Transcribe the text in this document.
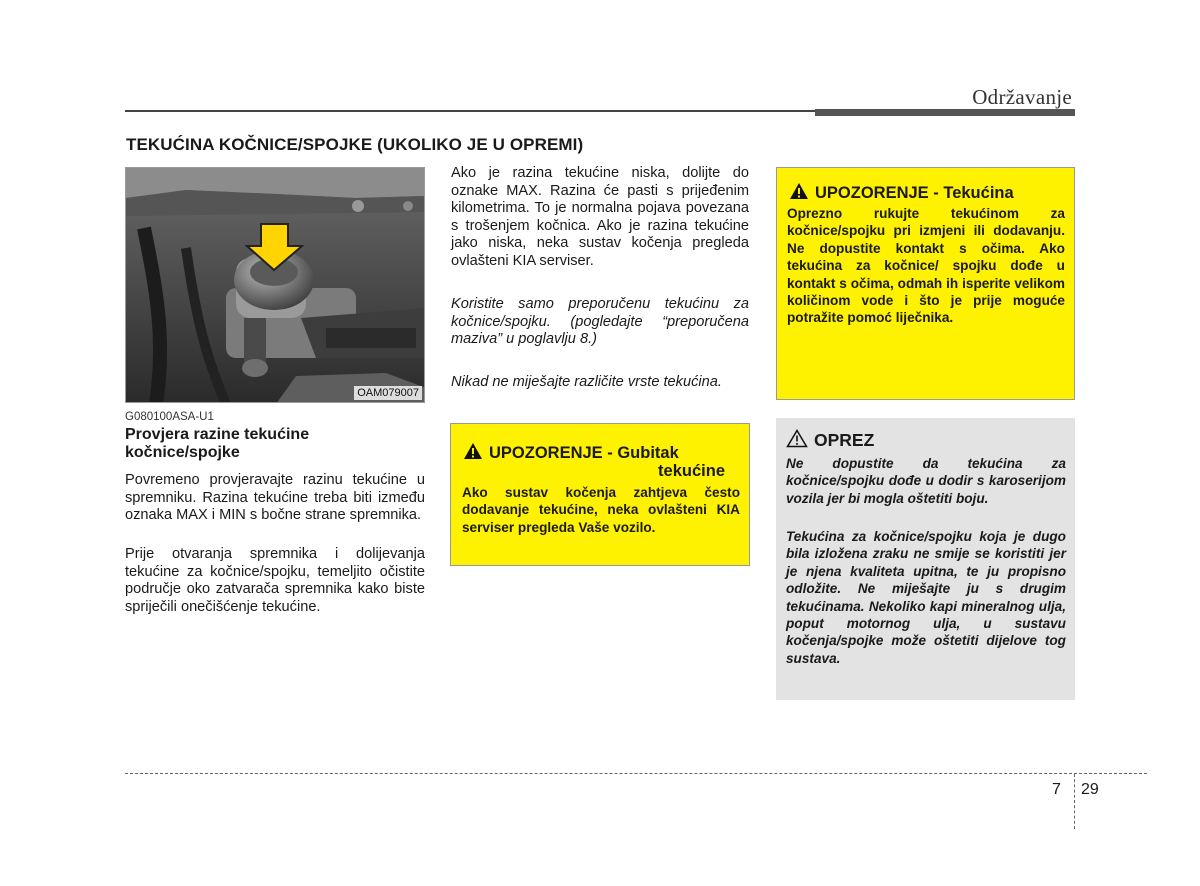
Održavanje
TEKUĆINA KOČNICE/SPOJKE (UKOLIKO JE U OPREMI)
OAM079007
G080100ASA-U1
Provjera razine tekućine kočnice/spojke
Povremeno provjeravajte razinu tekućine u spremniku. Razina tekućine treba biti između oznaka MAX i MIN s bočne strane spremnika.
Prije otvaranja spremnika i dolijevanja tekućine za kočnice/spojku, temeljito očistite područje oko zatvarača spremnika kako biste spriječili onečišćenje tekućine.
Ako je razina tekućine niska, dolijte do oznake MAX. Razina će pasti s prijeđenim kilometrima. To je normalna pojava povezana s trošenjem kočnica. Ako je razina tekućine jako niska, neka sustav kočenja pregleda ovlašteni KIA serviser.
Koristite samo preporučenu tekućinu za kočnice/spojku. (pogledajte “preporučena maziva” u poglavlju 8.)
Nikad ne miješajte različite vrste tekućina.
UPOZORENJE - Gubitak
tekućine
Ako sustav kočenja zahtjeva često dodavanje tekućine, neka ovlašteni KIA serviser pregleda Vaše vozilo.
UPOZORENJE - Tekućina
Oprezno rukujte tekućinom za kočnice/spojku pri izmjeni ili dodavanju. Ne dopustite kontakt s očima. Ako tekućina za kočnice/ spojku dođe u kontakt s očima, odmah ih isperite velikom količinom vode i što je prije moguće potražite pomoć liječnika.
OPREZ
Ne dopustite da tekućina za kočnice/spojku dođe u dodir s karoserijom vozila jer bi mogla oštetiti boju.
Tekućina za kočnice/spojku koja je dugo bila izložena zraku ne smije se koristiti jer je njena kvaliteta upitna, te ju propisno odložite. Ne miješajte ju s drugim tekućinama. Nekoliko kapi mineralnog ulja, poput motornog ulja, u sustavu kočenja/spojke može oštetiti dijelove tog sustava.
7 29
